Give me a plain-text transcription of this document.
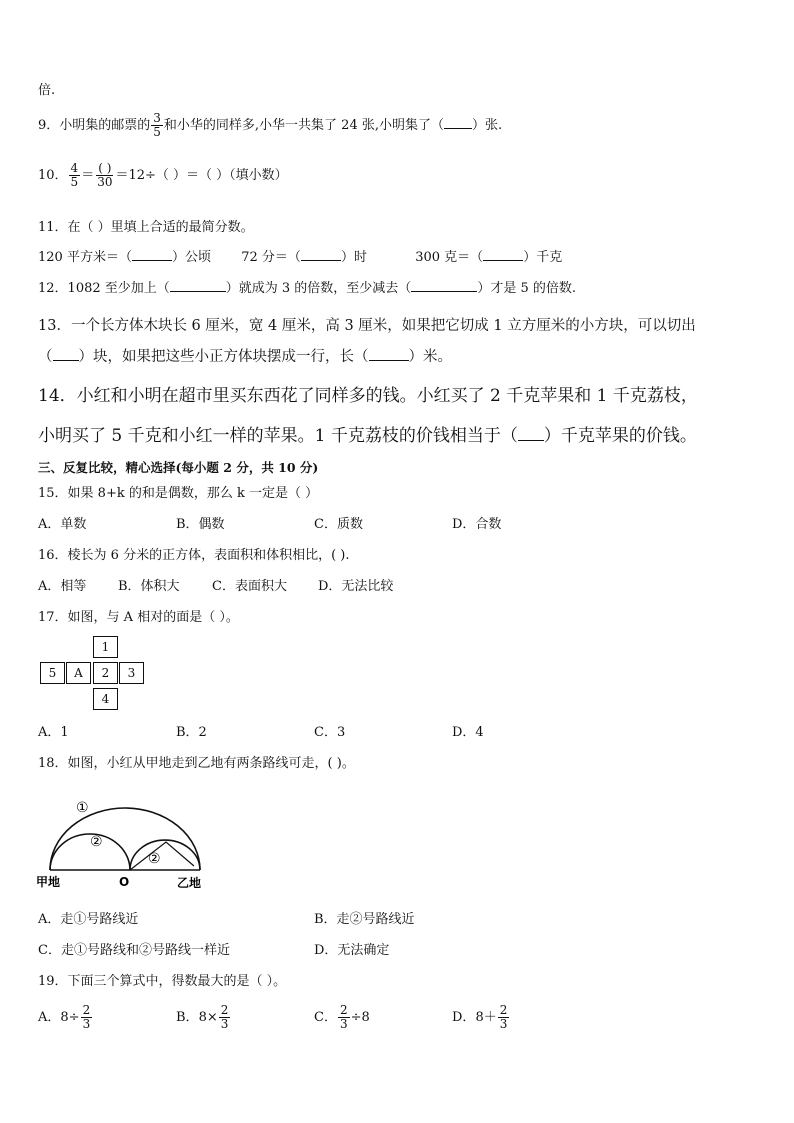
倍.
9．小明集的邮票的 $\frac{3}{5}$ 和小华的同样多,小华一共集了 24 张,小明集了（ ）张.
10． $\frac{4}{5} = \frac{( )}{30} =12\div$（ ）＝（ ）（填小数）
11．在（ ）里填上合适的最简分数。
120 平方米＝（	）公顷 72 分＝（	）时	300 克＝（	）千克
12．1082 至少加上（	）就成为 3 的倍数，至少减去（	）才是 5 的倍数.
13．一个长方体木块长 6 厘米，宽 4 厘米，高 3 厘米，如果把它切成 1 立方厘米的小方块，可以切出
（ ）块，如果把这些小正方体块摆成一行，长（	）米。
14．小红和小明在超市里买东西花了同样多的钱。小红买了 2 千克苹果和 1 千克荔枝，
小明买了 5 千克和小红一样的苹果。1 千克荔枝的价钱相当于（ ）千克苹果的价钱。
三、反复比较，精心选择(每小题 2 分，共 10 分)
15．如果 8+k 的和是偶数，那么 k 一定是（ ）
A．单数	B．偶数	C．质数	D．合数
16．棱长为 6 分米的正方体，表面积和体积相比，( ).
A．相等 B．体积大 C．表面积大 D．无法比较
17．如图，与 A 相对的面是（ ）。
1
5	A	2	3
4
A．1	B．2	C．3	D．4
18．如图，小红从甲地走到乙地有两条路线可走，( )。
①
②
②
甲地	O	乙地
A．走①号路线近	B．走②号路线近
C．走①号路线和②号路线一样近	D．无法确定
19．下面三个算式中，得数最大的是（ ）。
A．$8\div \frac{2}{3}$	B．$8\times \frac{2}{3}$	C． $\frac{2}{3} \div 8$	D．$8+ \frac{2}{3}$
